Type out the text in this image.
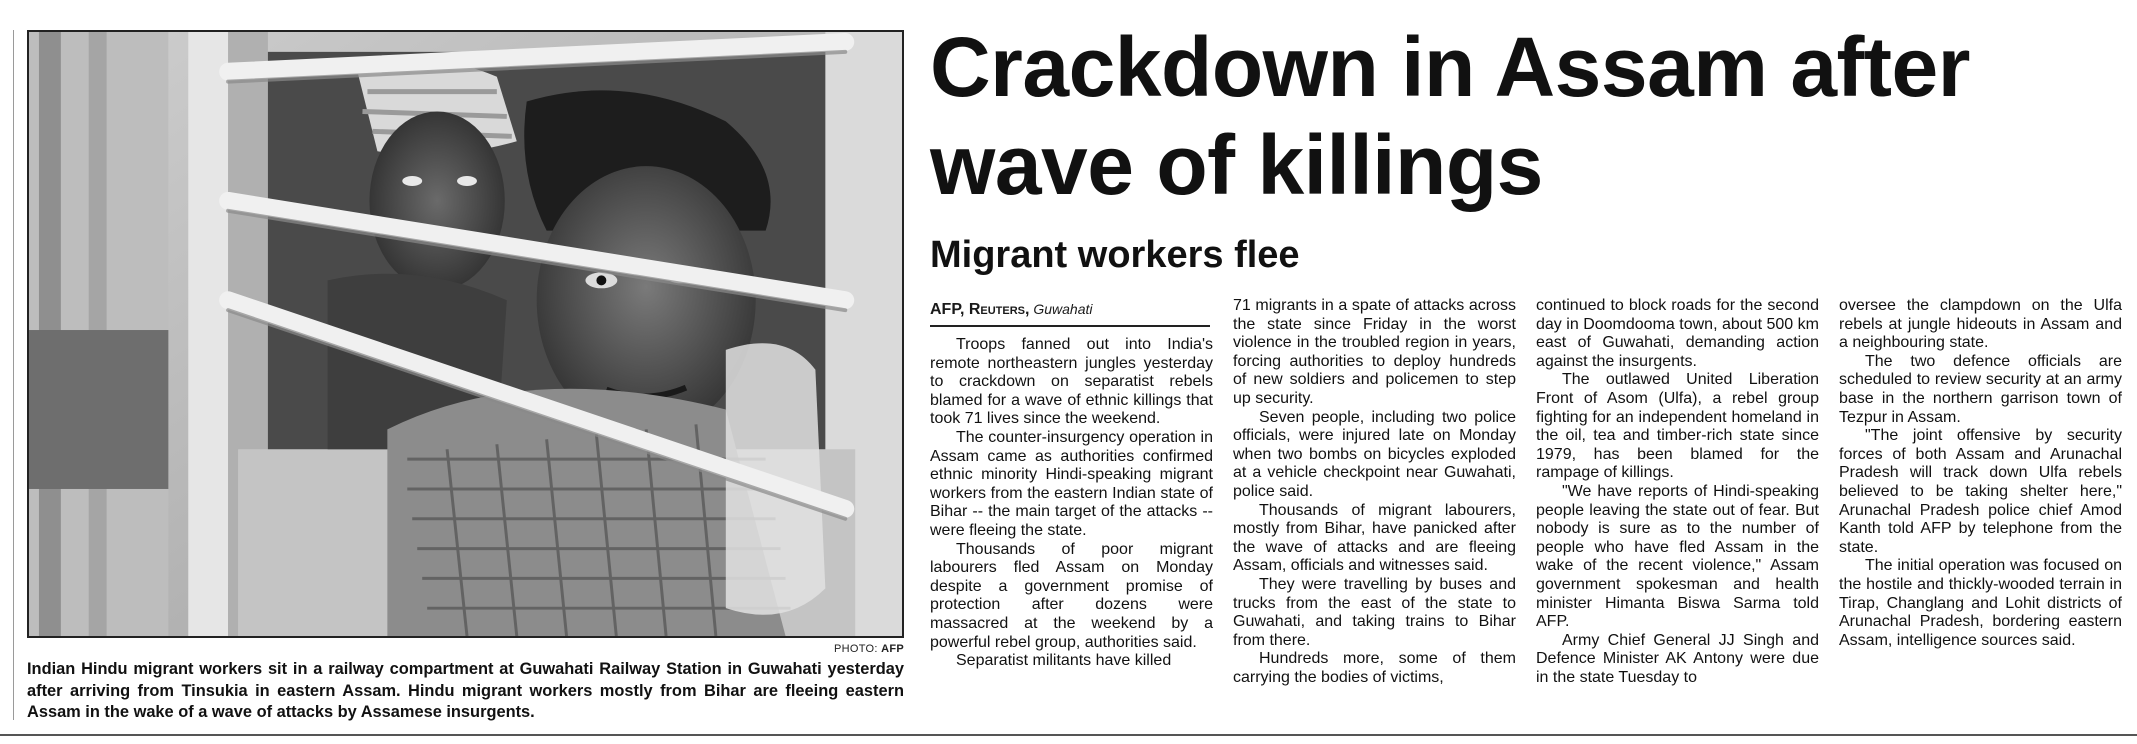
PHOTO: AFP
Indian Hindu migrant workers sit in a railway compartment at Guwahati Railway Station in Guwahati yesterday after arriving from Tinsukia in eastern Assam. Hindu migrant workers mostly from Bihar are fleeing eastern Assam in the wake of a wave of attacks by Assamese insurgents.
Crackdown in Assam after wave of killings
Migrant workers flee
AFP, Reuters, Guwahati

Troops fanned out into India's remote northeastern jungles yesterday to crackdown on separatist rebels blamed for a wave of ethnic killings that took 71 lives since the weekend.

The counter-insurgency operation in Assam came as authorities confirmed ethnic minority Hindi-speaking migrant workers from the eastern Indian state of Bihar -- the main target of the attacks -- were fleeing the state.

Thousands of poor migrant labourers fled Assam on Monday despite a government promise of protection after dozens were massacred at the weekend by a powerful rebel group, authorities said.

Separatist militants have killed

71 migrants in a spate of attacks across the state since Friday in the worst violence in the troubled region in years, forcing authorities to deploy hundreds of new soldiers and policemen to step up security.

Seven people, including two police officials, were injured late on Monday when two bombs on bicycles exploded at a vehicle checkpoint near Guwahati, police said.

Thousands of migrant labourers, mostly from Bihar, have panicked after the wave of attacks and are fleeing Assam, officials and witnesses said.

They were travelling by buses and trucks from the east of the state to Guwahati, and taking trains to Bihar from there.

Hundreds more, some of them carrying the bodies of victims,

continued to block roads for the second day in Doomdooma town, about 500 km east of Guwahati, demanding action against the insurgents.

The outlawed United Liberation Front of Asom (Ulfa), a rebel group fighting for an independent homeland in the oil, tea and timber-rich state since 1979, has been blamed for the rampage of killings.

"We have reports of Hindi-speaking people leaving the state out of fear. But nobody is sure as to the number of people who have fled Assam in the wake of the recent violence," Assam government spokesman and health minister Himanta Biswa Sarma told AFP.

Army Chief General JJ Singh and Defence Minister AK Antony were due in the state Tuesday to

oversee the clampdown on the Ulfa rebels at jungle hideouts in Assam and a neighbouring state.

The two defence officials are scheduled to review security at an army base in the northern garrison town of Tezpur in Assam.

"The joint offensive by security forces of both Assam and Arunachal Pradesh will track down Ulfa rebels believed to be taking shelter here," Arunachal Pradesh police chief Amod Kanth told AFP by telephone from the state.

The initial operation was focused on the hostile and thickly-wooded terrain in Tirap, Changlang and Lohit districts of Arunachal Pradesh, bordering eastern Assam, intelligence sources said.
